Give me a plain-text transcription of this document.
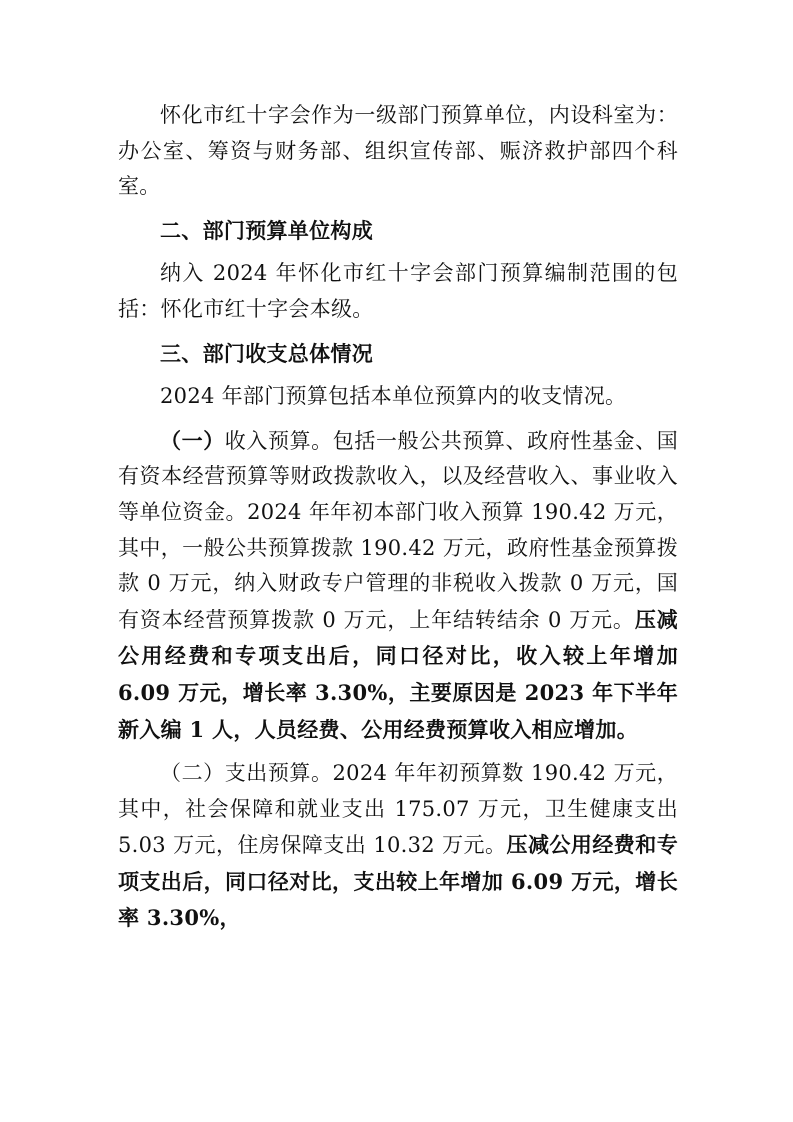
怀化市红十字会作为一级部门预算单位，内设科室为：办公室、筹资与财务部、组织宣传部、赈济救护部四个科室。

二、部门预算单位构成

纳入 2024 年怀化市红十字会部门预算编制范围的包括：怀化市红十字会本级。

三、部门收支总体情况

2024 年部门预算包括本单位预算内的收支情况。

（一）收入预算。包括一般公共预算、政府性基金、国有资本经营预算等财政拨款收入，以及经营收入、事业收入等单位资金。2024 年年初本部门收入预算 190.42 万元，其中，一般公共预算拨款 190.42 万元，政府性基金预算拨款 0 万元，纳入财政专户管理的非税收入拨款 0 万元，国有资本经营预算拨款 0 万元，上年结转结余 0 万元。压减公用经费和专项支出后，同口径对比，收入较上年增加 6.09 万元，增长率 3.30%，主要原因是 2023 年下半年新入编 1 人，人员经费、公用经费预算收入相应增加。

（二）支出预算。2024 年年初预算数 190.42 万元，其中，社会保障和就业支出 175.07 万元，卫生健康支出 5.03 万元，住房保障支出 10.32 万元。压减公用经费和专项支出后，同口径对比，支出较上年增加 6.09 万元，增长率 3.30%，
